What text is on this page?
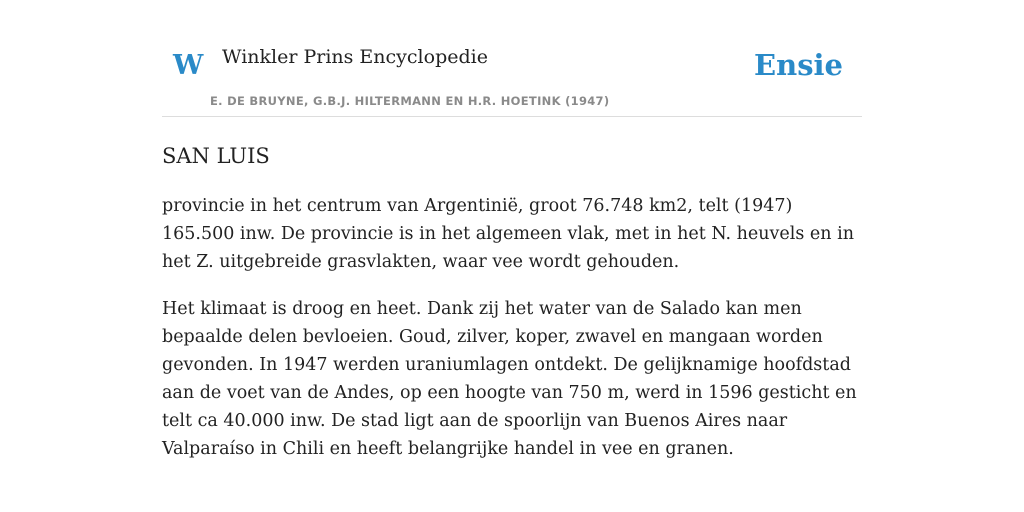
W Winkler Prins Encyclopedie
E. DE BRUYNE, G.B.J. HILTERMANN EN H.R. HOETINK (1947)
Ensie
SAN LUIS

provincie in het centrum van Argentinië, groot 76.748 km2, telt (1947) 165.500 inw. De provincie is in het algemeen vlak, met in het N. heuvels en in het Z. uitgebreide grasvlakten, waar vee wordt gehouden.

Het klimaat is droog en heet. Dank zij het water van de Salado kan men bepaalde delen bevloeien. Goud, zilver, koper, zwavel en mangaan worden gevonden. In 1947 werden uraniumlagen ontdekt. De gelijknamige hoofdstad aan de voet van de Andes, op een hoogte van 750 m, werd in 1596 gesticht en telt ca 40.000 inw. De stad ligt aan de spoorlijn van Buenos Aires naar Valparaíso in Chili en heeft belangrijke handel in vee en granen.
